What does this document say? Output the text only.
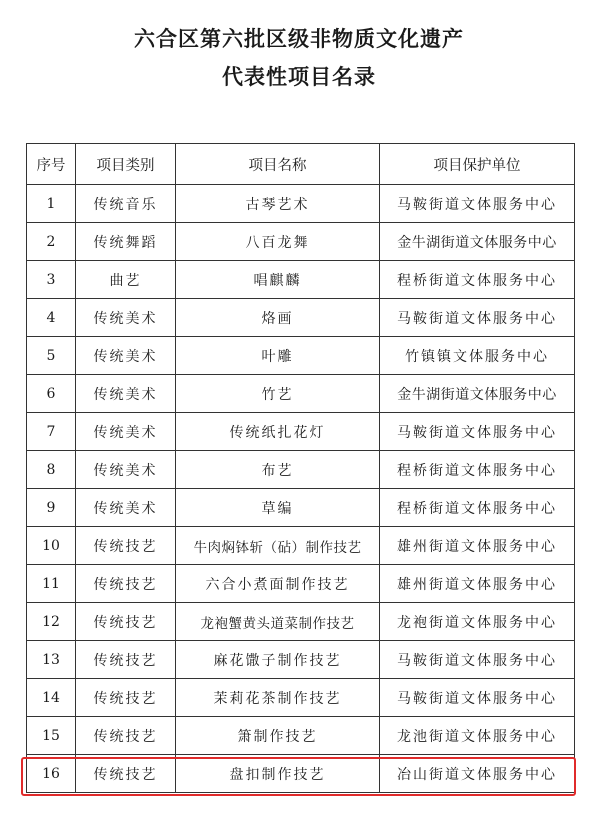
六合区第六批区级非物质文化遗产
代表性项目名录
序号	项目类别	项目名称	项目保护单位
1	传统音乐	古琴艺术	马鞍街道文体服务中心
2	传统舞蹈	八百龙舞	金牛湖街道文体服务中心
3	曲艺	唱麒麟	程桥街道文体服务中心
4	传统美术	烙画	马鞍街道文体服务中心
5	传统美术	叶雕	竹镇镇文体服务中心
6	传统美术	竹艺	金牛湖街道文体服务中心
7	传统美术	传统纸扎花灯	马鞍街道文体服务中心
8	传统美术	布艺	程桥街道文体服务中心
9	传统美术	草编	程桥街道文体服务中心
10	传统技艺	牛肉焖钵斩（砧）制作技艺	雄州街道文体服务中心
11	传统技艺	六合小煮面制作技艺	雄州街道文体服务中心
12	传统技艺	龙袍蟹黄头道菜制作技艺	龙袍街道文体服务中心
13	传统技艺	麻花馓子制作技艺	马鞍街道文体服务中心
14	传统技艺	茉莉花茶制作技艺	马鞍街道文体服务中心
15	传统技艺	箫制作技艺	龙池街道文体服务中心
16	传统技艺	盘扣制作技艺	冶山街道文体服务中心
